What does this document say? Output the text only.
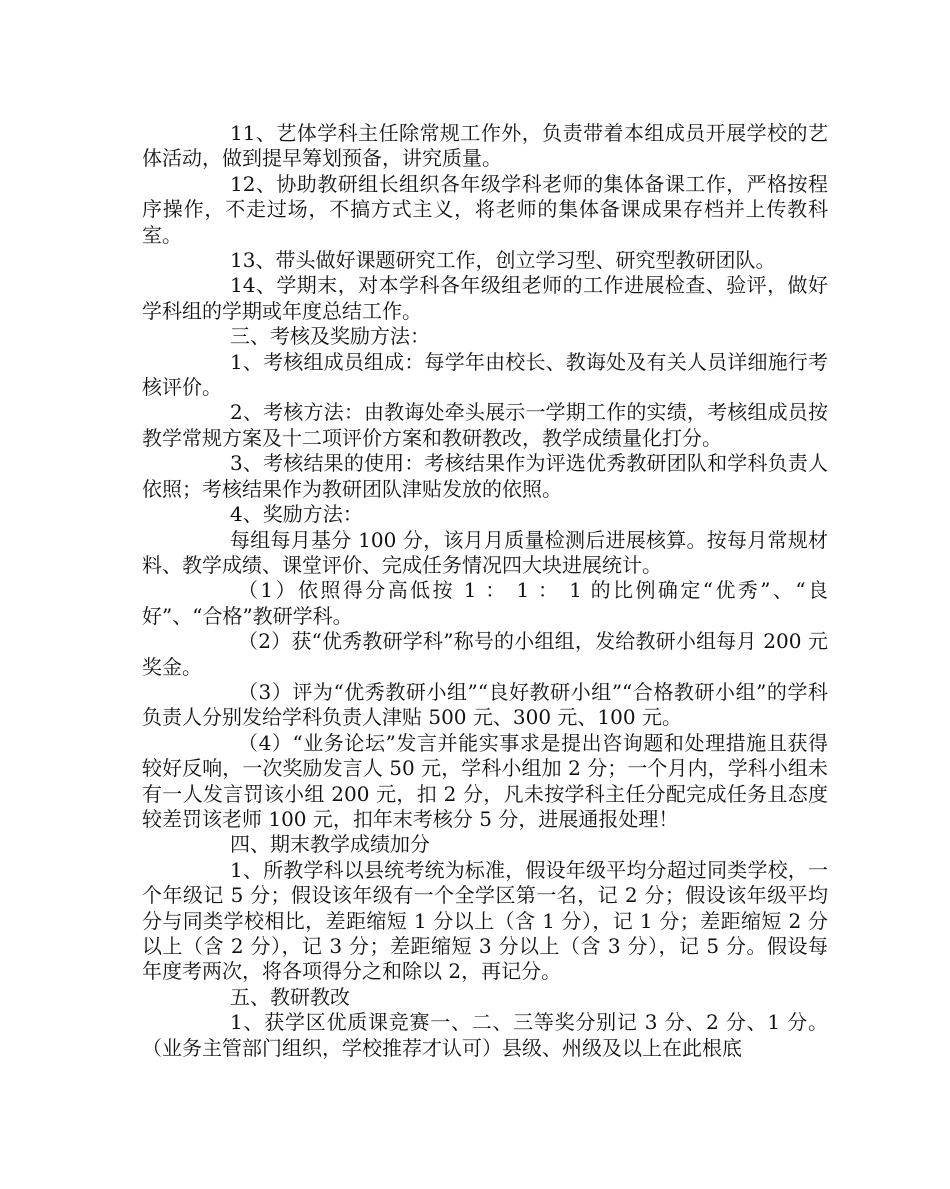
11、艺体学科主任除常规工作外，负责带着本组成员开展学校的艺体活动，做到提早筹划预备，讲究质量。

12、协助教研组长组织各年级学科老师的集体备课工作，严格按程序操作，不走过场，不搞方式主义，将老师的集体备课成果存档并上传教科室。

13、带头做好课题研究工作，创立学习型、研究型教研团队。

14、学期末，对本学科各年级组老师的工作进展检查、验评，做好学科组的学期或年度总结工作。

三、考核及奖励方法：

1、考核组成员组成：每学年由校长、教诲处及有关人员详细施行考核评价。

2、考核方法：由教诲处牵头展示一学期工作的实绩，考核组成员按教学常规方案及十二项评价方案和教研教改，教学成绩量化打分。

3、考核结果的使用：考核结果作为评选优秀教研团队和学科负责人依照；考核结果作为教研团队津贴发放的依照。

4、奖励方法：

每组每月基分 100 分，该月月质量检测后进展核算。按每月常规材料、教学成绩、课堂评价、完成任务情况四大块进展统计。

（1）依照得分高低按 1 ： 1 ： 1 的比例确定“优秀”、“良好”、“合格”教研学科。

（2）获“优秀教研学科”称号的小组组，发给教研小组每月 200 元奖金。

（3）评为“优秀教研小组”“良好教研小组”“合格教研小组”的学科负责人分别发给学科负责人津贴 500 元、300 元、100 元。

（4）“业务论坛”发言并能实事求是提出咨询题和处理措施且获得较好反响，一次奖励发言人 50 元，学科小组加 2 分；一个月内，学科小组未有一人发言罚该小组 200 元，扣 2 分，凡未按学科主任分配完成任务且态度较差罚该老师 100 元，扣年末考核分 5 分，进展通报处理！

四、期末教学成绩加分

1、所教学科以县统考统为标准，假设年级平均分超过同类学校，一个年级记 5 分；假设该年级有一个全学区第一名，记 2 分；假设该年级平均分与同类学校相比，差距缩短 1 分以上（含 1 分），记 1 分；差距缩短 2 分以上（含 2 分），记 3 分；差距缩短 3 分以上（含 3 分），记 5 分。假设每年度考两次，将各项得分之和除以 2，再记分。

五、教研教改

1、获学区优质课竞赛一、二、三等奖分别记 3 分、2 分、1 分。（业务主管部门组织，学校推荐才认可）县级、州级及以上在此根底
